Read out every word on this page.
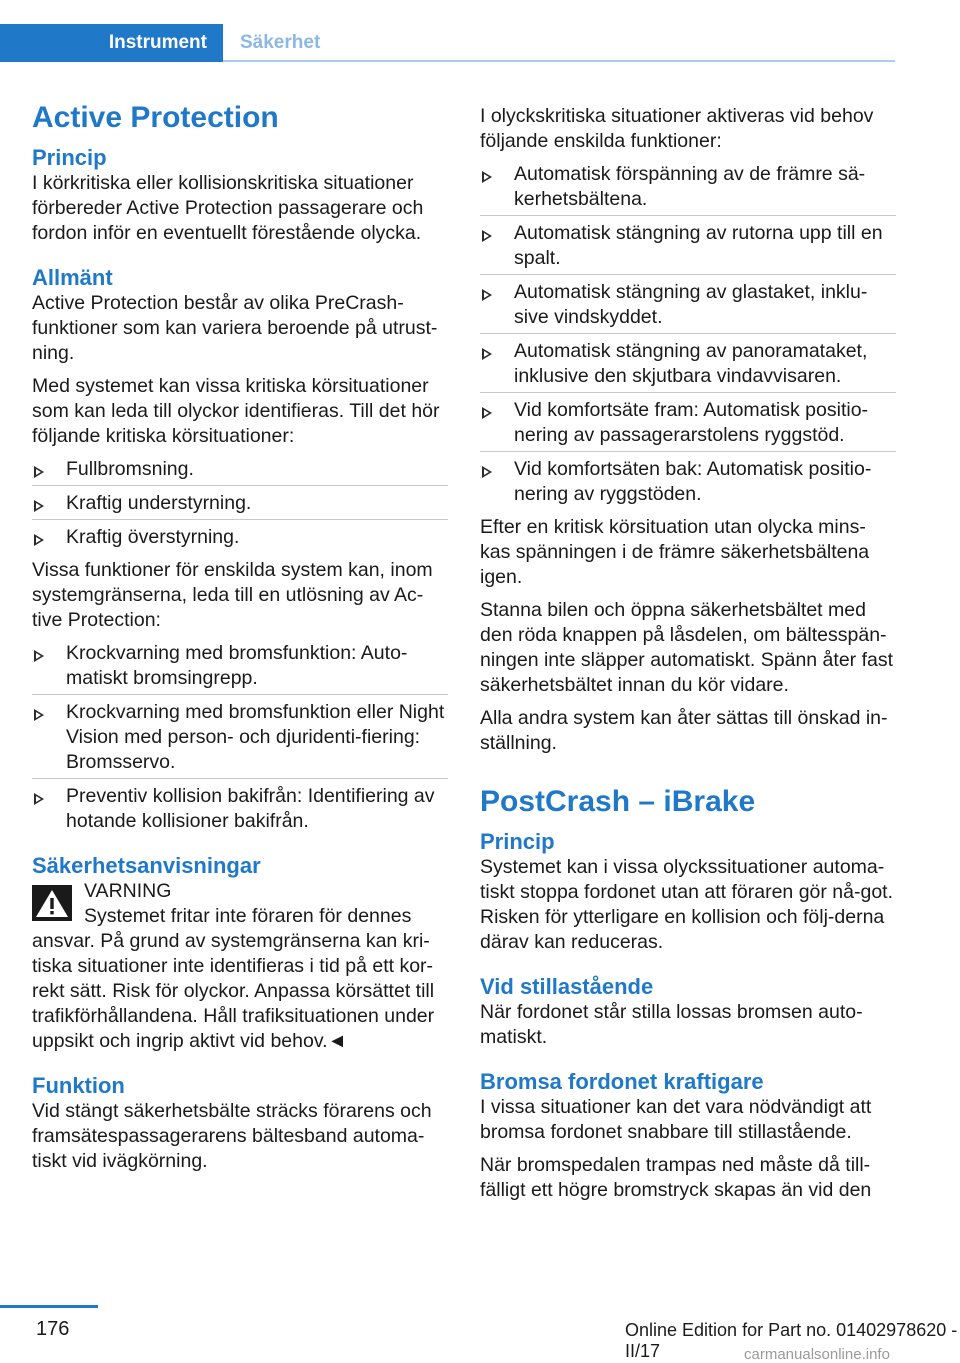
Instrument	Säkerhet
Active Protection
Princip

I körkritiska eller kollisionskritiska situationer förbereder Active Protection passagerare och fordon inför en eventuellt förestående olycka.

Allmänt

Active Protection består av olika PreCrash-funktioner som kan variera beroende på utrust-ning.

Med systemet kan vissa kritiska körsituationer som kan leda till olyckor identifieras. Till det hör följande kritiska körsituationer:

Fullbromsning.
Kraftig understyrning.
Kraftig överstyrning.

Vissa funktioner för enskilda system kan, inom systemgränserna, leda till en utlösning av Ac-tive Protection:

Krockvarning med bromsfunktion: Auto-matiskt bromsingrepp.
Krockvarning med bromsfunktion eller Night Vision med person- och djuridenti-fiering: Bromsservo.
Preventiv kollision bakifrån: Identifiering av hotande kollisioner bakifrån.
Säkerhetsanvisningar

VARNING

Systemet fritar inte föraren för dennes ansvar. På grund av systemgränserna kan kri-tiska situationer inte identifieras i tid på ett kor-rekt sätt. Risk för olyckor. Anpassa körsättet till trafikförhållandena. Håll trafiksituationen under uppsikt och ingrip aktivt vid behov.◄

Funktion

Vid stängt säkerhetsbälte sträcks förarens och framsätespassagerarens bältesband automa-tiskt vid ivägkörning.

I olyckskritiska situationer aktiveras vid behov följande enskilda funktioner:

Automatisk förspänning av de främre sä-kerhetsbältena.
Automatisk stängning av rutorna upp till en spalt.
Automatisk stängning av glastaket, inklu-sive vindskyddet.
Automatisk stängning av panoramataket, inklusive den skjutbara vindavvisaren.
Vid komfortsäte fram: Automatisk positio-nering av passagerarstolens ryggstöd.
Vid komfortsäten bak: Automatisk positio-nering av ryggstöden.

Efter en kritisk körsituation utan olycka mins-kas spänningen i de främre säkerhetsbältena igen.

Stanna bilen och öppna säkerhetsbältet med den röda knappen på låsdelen, om bältesspän-ningen inte släpper automatiskt. Spänn åter fast säkerhetsbältet innan du kör vidare.

Alla andra system kan åter sättas till önskad in-ställning.

PostCrash – iBrake
Princip

Systemet kan i vissa olyckssituationer automa-tiskt stoppa fordonet utan att föraren gör nå-got. Risken för ytterligare en kollision och följ-derna därav kan reduceras.

Vid stillastående

När fordonet står stilla lossas bromsen auto-matiskt.

Bromsa fordonet kraftigare

I vissa situationer kan det vara nödvändigt att bromsa fordonet snabbare till stillastående.

När bromspedalen trampas ned måste då till-fälligt ett högre bromstryck skapas än vid den

176	Online Edition for Part no. 01402978620 - II/17	carmanualsonline.info
